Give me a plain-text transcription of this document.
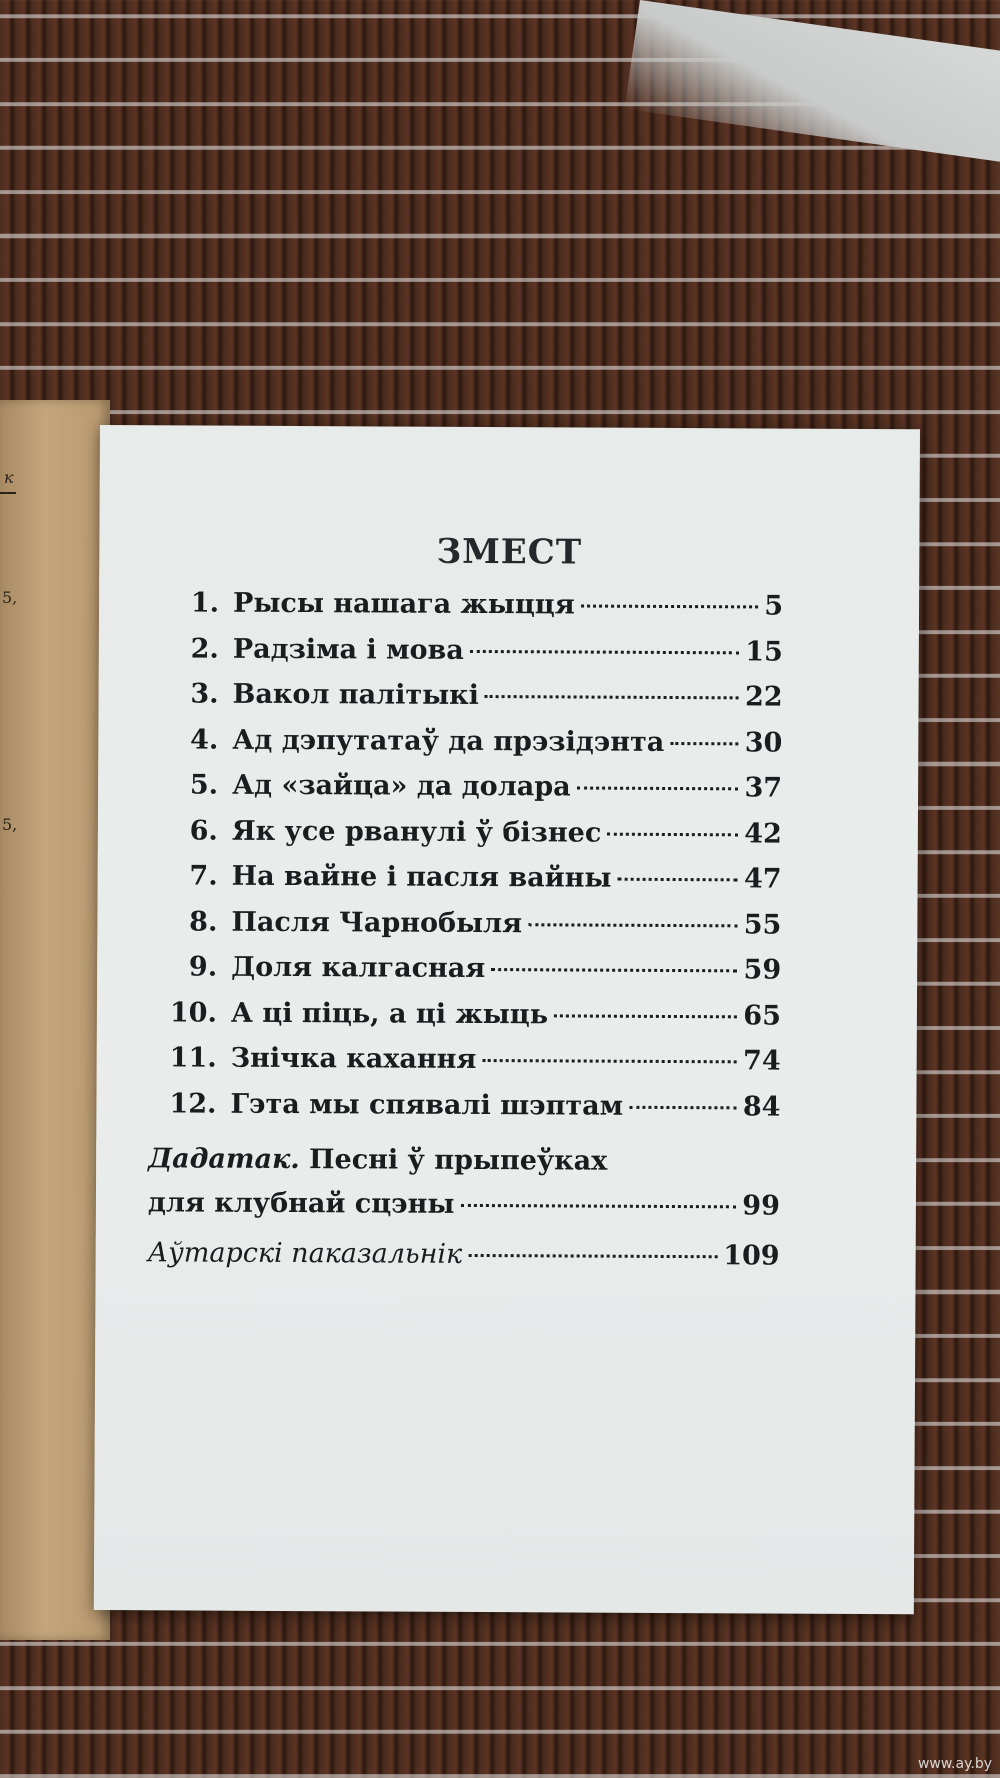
к
5,
5,
ЗМЕСТ
1. Рысы нашага жыцця	5
2. Радзіма і мова	15
3. Вакол палітыкі	22
4. Ад дэпутатаў да прэзідэнта	30
5. Ад «зайца» да долара	37
6. Як усе рванулі ў бізнес	42
7. На вайне і пасля вайны	47
8. Пасля Чарнобыля	55
9. Доля калгасная	59
10. А ці піць, а ці жыць	65
11. Знічка кахання	74
12. Гэта мы спявалі шэптам	84
Дадатак. Песні ў прыпеўках
для клубнай сцэны	99
Аўтарскі паказальнік	109
www.ay.by
